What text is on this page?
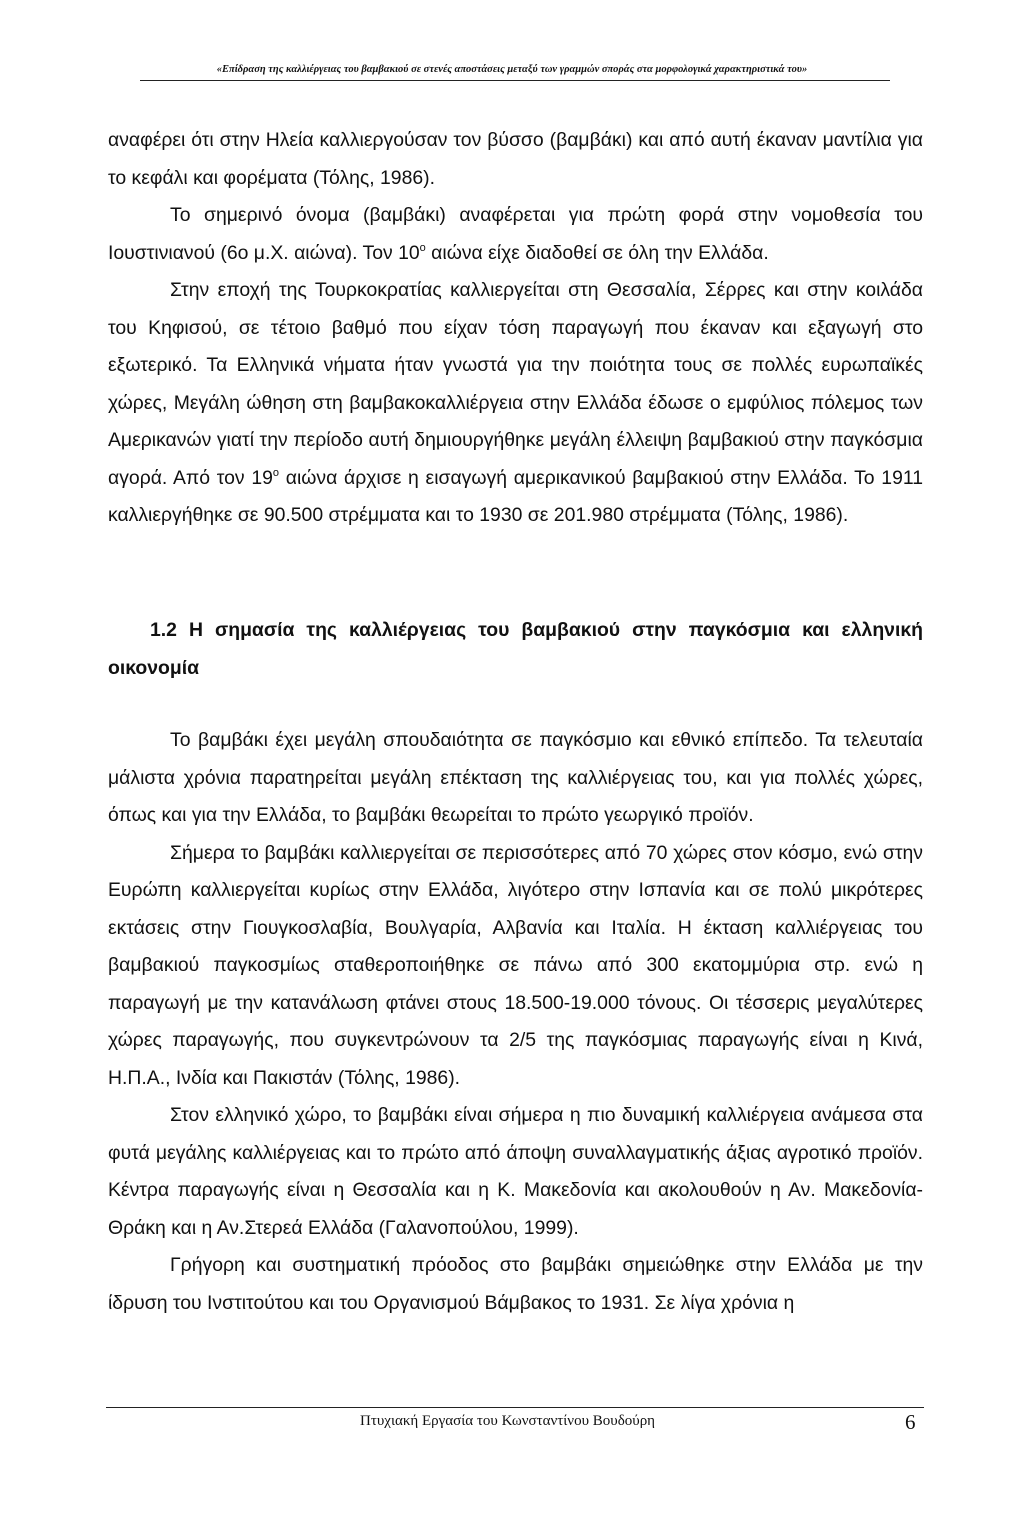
«Επίδραση της καλλιέργειας του βαμβακιού σε στενές αποστάσεις μεταξύ των γραμμών σποράς στα μορφολογικά χαρακτηριστικά του»

αναφέρει ότι στην Ηλεία καλλιεργούσαν τον βύσσο (βαμβάκι) και από αυτή έκαναν μαντίλια για το κεφάλι και φορέματα (Τόλης, 1986).

Το σημερινό όνομα (βαμβάκι) αναφέρεται για πρώτη φορά στην νομοθεσία του Ιουστινιανού (6ο μ.Χ. αιώνα). Τον $10^o$ αιώνα είχε διαδοθεί σε όλη την Ελλάδα.

Στην εποχή της Τουρκοκρατίας καλλιεργείται στη Θεσσαλία, Σέρρες και στην κοιλάδα του Κηφισού, σε τέτοιο βαθμό που είχαν τόση παραγωγή που έκαναν και εξαγωγή στο εξωτερικό. Τα Ελληνικά νήματα ήταν γνωστά για την ποιότητα τους σε πολλές ευρωπαϊκές χώρες, Μεγάλη ώθηση στη βαμβακοκαλλιέργεια στην Ελλάδα έδωσε ο εμφύλιος πόλεμος των Αμερικανών γιατί την περίοδο αυτή δημιουργήθηκε μεγάλη έλλειψη βαμβακιού στην παγκόσμια αγορά. Από τον $19^o$ αιώνα άρχισε η εισαγωγή αμερικανικού βαμβακιού στην Ελλάδα. Το 1911 καλλιεργήθηκε σε 90.500 στρέμματα και το 1930 σε 201.980 στρέμματα (Τόλης, 1986).

1.2 Η σημασία της καλλιέργειας του βαμβακιού στην παγκόσμια και ελληνική οικονομία

Το βαμβάκι έχει μεγάλη σπουδαιότητα σε παγκόσμιο και εθνικό επίπεδο. Τα τελευταία μάλιστα χρόνια παρατηρείται μεγάλη επέκταση της καλλιέργειας του, και για πολλές χώρες, όπως και για την Ελλάδα, το βαμβάκι θεωρείται το πρώτο γεωργικό προϊόν.

Σήμερα το βαμβάκι καλλιεργείται σε περισσότερες από 70 χώρες στον κόσμο, ενώ στην Ευρώπη καλλιεργείται κυρίως στην Ελλάδα, λιγότερο στην Ισπανία και σε πολύ μικρότερες εκτάσεις στην Γιουγκοσλαβία, Βουλγαρία, Αλβανία και Ιταλία. Η έκταση καλλιέργειας του βαμβακιού παγκοσμίως σταθεροποιήθηκε σε πάνω από 300 εκατομμύρια στρ. ενώ η παραγωγή με την κατανάλωση φτάνει στους 18.500-19.000 τόνους. Οι τέσσερις μεγαλύτερες χώρες παραγωγής, που συγκεντρώνουν τα 2/5 της παγκόσμιας παραγωγής είναι η Κινά, Η.Π.Α., Ινδία και Πακιστάν (Τόλης, 1986).

Στον ελληνικό χώρο, το βαμβάκι είναι σήμερα η πιο δυναμική καλλιέργεια ανάμεσα στα φυτά μεγάλης καλλιέργειας και το πρώτο από άποψη συναλλαγματικής άξιας αγροτικό προϊόν. Κέντρα παραγωγής είναι η Θεσσαλία και η Κ. Μακεδονία και ακολουθούν η Αν. Μακεδονία-Θράκη και η Αν.Στερεά Ελλάδα (Γαλανοπούλου, 1999).

Γρήγορη και συστηματική πρόοδος στο βαμβάκι σημειώθηκε στην Ελλάδα με την ίδρυση του Ινστιτούτου και του Οργανισμού Βάμβακος το 1931. Σε λίγα χρόνια η

Πτυχιακή Εργασία του Κωνσταντίνου Βουδούρη	6
